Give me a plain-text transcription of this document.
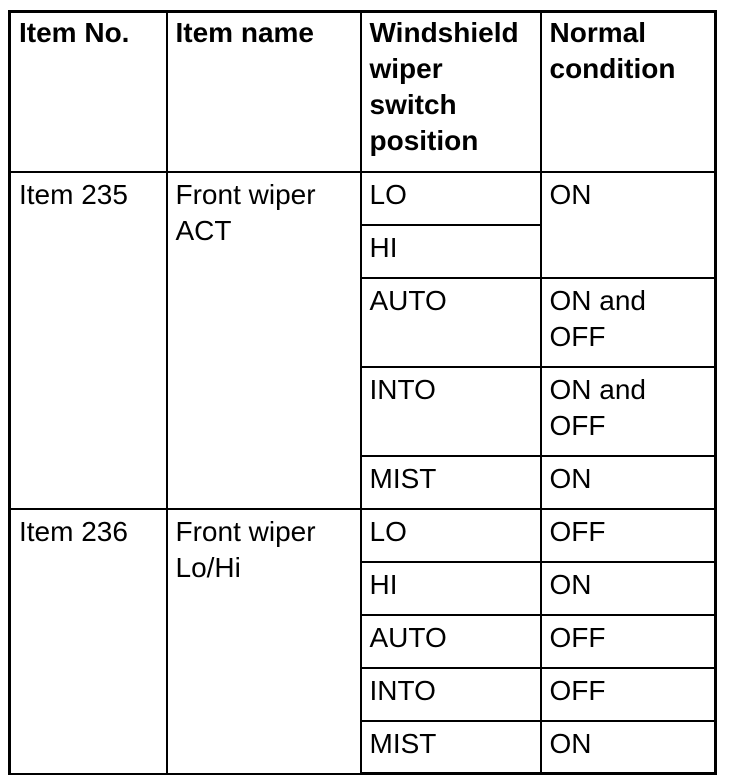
Item No.	Item name	Windshield wiper switch position	Normal condition
Item 235	Front wiper ACT	LO	ON
		HI	
		AUTO	ON and OFF
		INTO	ON and OFF
		MIST	ON
Item 236	Front wiper Lo/Hi	LO	OFF
		HI	ON
		AUTO	OFF
		INTO	OFF
		MIST	ON
